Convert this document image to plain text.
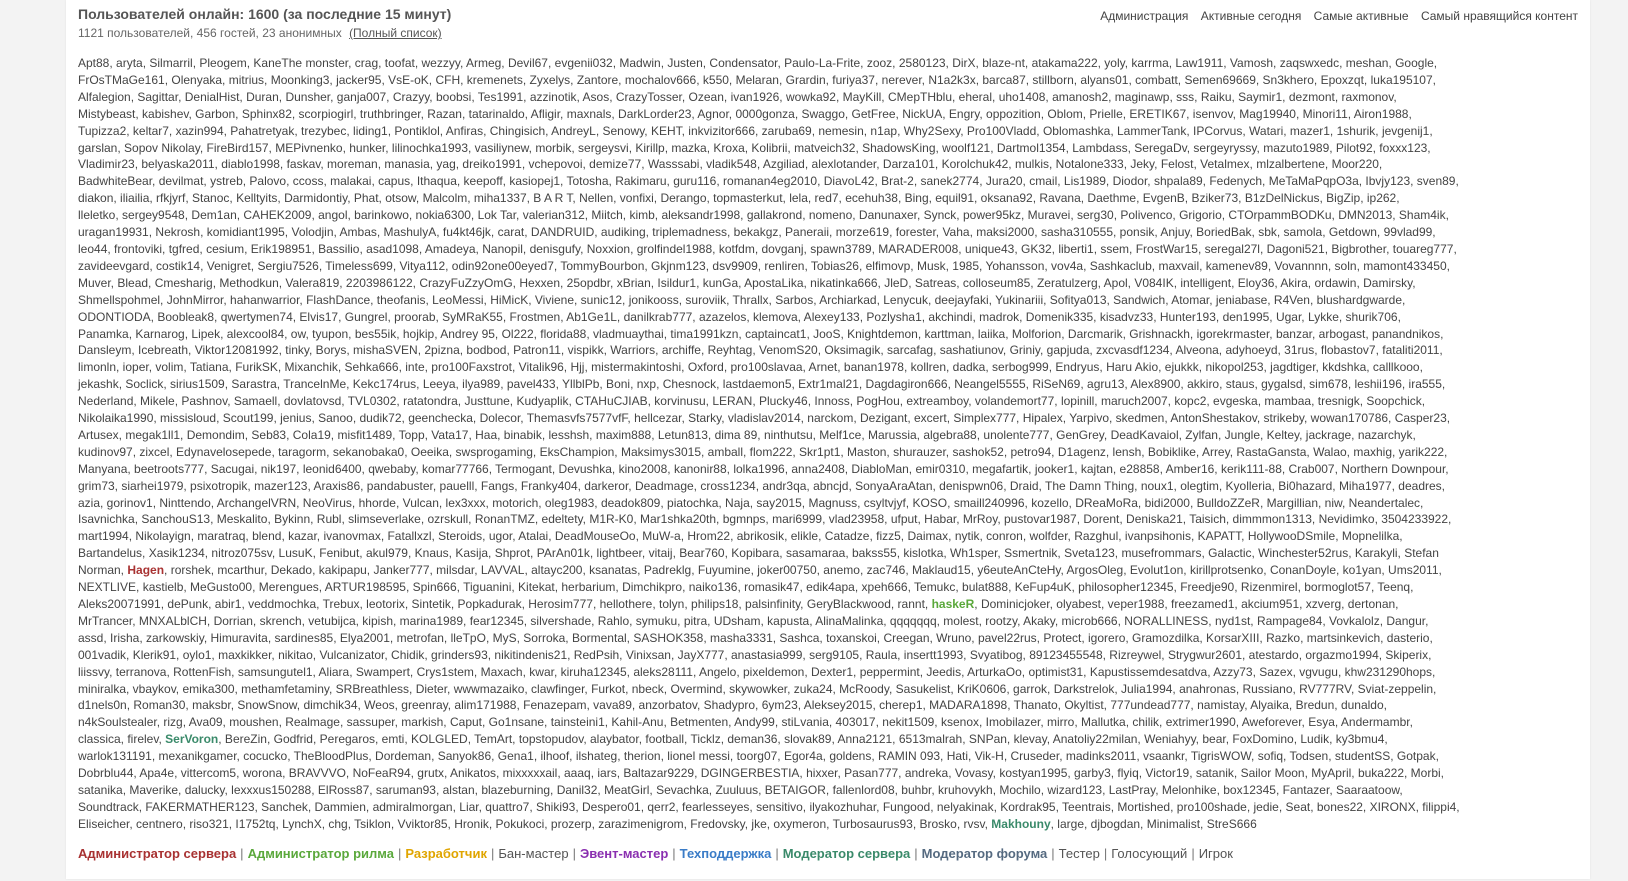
Пользователей онлайн: 1600 (за последние 15 минут)
1121 пользователей, 456 гостей, 23 анонимных (Полный список)
Администрация Активные сегодня Самые активные Самый нравящийся контент
Apt88, aryta, Silmarril, Pleogem, KaneThe monster, crag, toofat, wezzyy, Armeg, Devil67, evgenii032, Madwin, Justen, Condensator, Paulo-La-Frite, zooz, 2580123, DirX, blaze-nt, atakama222, yoly, karrma, Law1911, Vamosh, zaqswxedc, meshan, Google,
FrOsTMaGe161, Olenyaka, mitrius, Moonking3, jacker95, VsE-oK, CFH, kremenets, Zyxelys, Zantore, mochalov666, k550, Melaran, Grardin, furiya37, nerever, N1a2k3x, barca87, stillborn, alyans01, combatt, Semen69669, Sn3khero, Epoxzqt, luka195107,
Alfalegion, Sagittar, DenialHist, Duran, Dunsher, ganja007, Crazyy, boobsi, Tes1991, azzinotik, Asos, CrazyTosser, Ozean, ivan1926, wowka92, MayKill, CMepTHblu, eheral, uho1408, amanosh2, maginawp, sss, Raiku, Saymir1, dezmont, raxmonov,
Mistybeast, kabishev, Garbon, Sphinx82, scorpiogirl, truthbringer, Razan, tatarinaldo, Afligir, maxnals, DarkLorder23, Agnor, 0000gonza, Swaggo, GetFree, NickUA, Engry, oppozition, Oblom, Prielle, ERETIK67, isenvov, Mag19940, Minori11, Airon1988,
Tupizza2, keltar7, xazin994, Pahatretyak, trezybec, liding1, Pontiklol, Anfiras, Chingisich, AndreyL, Senowy, KEHT, inkvizitor666, zaruba69, nemesin, n1ap, Why2Sexy, Pro100Vladd, Oblomashka, LammerTank, IPCorvus, Watari, mazer1, 1shurik, jevgenij1,
garslan, Sopov Nikolay, FireBird157, MEPivnenko, hunker, lilinochka1993, vasiliynew, morbik, sergeysvi, Kirillp, mazka, Kroxa, Kolibrii, matveich32, ShadowsKing, woolf121, Dartmol1354, Lambdass, SeregaDv, sergeyryssy, mazuto1989, Pilot92, foxxx123,
Vladimir23, belyaska2011, diablo1998, faskav, moreman, manasia, yag, dreiko1991, vchepovoi, demize77, Wasssabi, vladik548, Azgiliad, alexlotander, Darza101, Korolchuk42, mulkis, Notalone333, Jeky, Felost, Vetalmex, mlzalbertene, Moor220,
BadwhiteBear, devilmat, ystreb, Palovo, ccoss, malakai, capus, Ithaqua, keepoff, kasiopej1, Totosha, Rakimaru, guru116, romanan4eg2010, DiavoL42, Brat-2, sanek2774, Jura20, cmail, Lis1989, Diodor, shpala89, Fedenych, MeTaMaPqpO3a, Ibvjy123, sven89,
diakon, iliailia, rfkjyrf, Stanoc, Kelltyits, Darmidontiy, Phat, otsow, Malcolm, miha1337, B A R T, Nellen, vonfixi, Derango, topmasterkut, lela, red7, ecehuh38, Bing, equil91, oksana92, Ravana, Daethme, EvgenB, Bziker73, B1zDelNickus, BigZip, ip262,
lleletko, sergey9548, Dem1an, CAHEK2009, angol, barinkowo, nokia6300, Lok Tar, valerian312, Miitch, kimb, aleksandr1998, gallakrond, nomeno, Danunaxer, Synck, power95kz, Muravei, serg30, Polivenco, Grigorio, CTOrpammBODKu, DMN2013, Sham4ik,
uragan19931, Nekrosh, komidiant1995, Volodjin, Ambas, MashulyA, fu4kt46jk, carat, DANDRUID, audiking, triplemadness, bekakgz, Paneraii, morze619, forester, Vaha, maksi2000, sasha310555, ponsik, Anjuy, BoriedBak, sbk, samola, Getdown, 99vlad99,
leo44, frontoviki, tgfred, cesium, Erik198951, Bassilio, asad1098, Amadeya, Nanopil, denisgufy, Noxxion, grolfindel1988, kotfdm, dovganj, spawn3789, MARADER008, unique43, GK32, liberti1, ssem, FrostWar15, seregal27l, Dagoni521, Bigbrother, touareg777,
zavideevgard, costik14, Venigret, Sergiu7526, Timeless699, Vitya112, odin92one00eyed7, TommyBourbon, Gkjnm123, dsv9909, renliren, Tobias26, elfimovp, Musk, 1985, Yohansson, vov4a, Sashkaclub, maxvail, kamenev89, Vovannnn, soln, mamont433450,
Muver, Blead, Cmesharig, Methodkun, Valera819, 2203986122, CrazyFuZzyOmG, Hexxen, 25opdbr, xBrian, Isildur1, kunGa, ApostaLika, nikatinka666, JleD, Satreas, colloseum85, Zeratulzerg, Apol, V084IK, intelligent, Eloy36, Akira, ordawin, Damirsky,
Shmellspohmel, JohnMirror, hahanwarrior, FlashDance, theofanis, LeoMessi, HiMicK, Viviene, sunic12, jonikooss, suroviik, Thrallx, Sarbos, Archiarkad, Lenycuk, deejayfaki, Yukinariii, Sofitya013, Sandwich, Atomar, jeniabase, R4Ven, blushardgwarde,
ODONTIODA, Boobleak8, qwertymen74, Elvis17, Gungrel, proorab, SyMRaK55, Frostmen, Ab1Ge1L, danilkrab777, azazelos, klemova, Alexey133, Pozlysha1, akchindi, madrok, Domenik335, kisadvz33, Hunter193, den1995, Ugar, Lykke, shurik706,
Panamka, Karnarog, Lipek, alexcool84, ow, tyupon, bes55ik, hojkip, Andrey 95, Ol222, florida88, vladmuaythai, tima1991kzn, captaincat1, JooS, Knightdemon, karttman, laiika, Molforion, Darcmarik, Grishnackh, igorekrmaster, banzar, arbogast, panandnikos,
Dansleym, Icebreath, Viktor12081992, tinky, Borys, mishaSVEN, 2pizna, bodbod, Patron11, vispikk, Warriors, archiffe, Reyhtag, VenomS20, Oksimagik, sarcafag, sashatiunov, Griniy, gapjuda, zxcvasdf1234, Alveona, adyhoeyd, 31rus, flobastov7, fataliti2011,
limonln, ioper, volim, Tatiana, FurikSK, Mixanchik, Sehka666, inte, pro100Faxstrot, Vitalik96, Hjj, mistermakintoshi, Oxford, pro100slavaa, Arnet, banan1978, kollren, dadka, serbog999, Endryus, Haru Akio, ejukkk, nikopol253, jagdtiger, kkdshka, calllkooo,
jekashk, Soclick, sirius1509, Sarastra, TrancelnMe, Kekc174rus, Leeya, ilya989, pavel433, YllblPb, Boni, nxp, Chesnock, lastdaemon5, Extr1mal21, Dagdagiron666, Neangel5555, RiSeN69, agru13, Alex8900, akkiro, staus, gygalsd, sim678, leshii196, ira555,
Nederland, Mikele, Pashnov, Samaell, dovlatovsd, TVL0302, ratatondra, Justtune, Kudyaplik, CTAHuCJIAB, korvinusu, LERAN, Plucky46, Innoss, PogHou, extreamboy, volandemort77, lopinill, maruch2007, kopc2, evgeska, mambaa, tresnigk, Soopchick,
Nikolaika1990, missisloud, Scout199, jenius, Sanoo, dudik72, geenchecka, Dolecor, Themasvfs7577vfF, hellcezar, Starky, vladislav2014, narckom, Dezigant, excert, Simplex777, Hipalex, Yarpivo, skedmen, AntonShestakov, strikeby, wowan170786, Casper23,
Artusex, megak1ll1, Demondim, Seb83, Cola19, misfit1489, Topp, Vata17, Haa, binabik, lesshsh, maxim888, Letun813, dima 89, ninthutsu, Melf1ce, Marussia, algebra88, unolente777, GenGrey, DeadKavaiol, Zylfan, Jungle, Keltey, jackrage, nazarchyk,
kudinov97, zixcel, Edynavelosepede, taragorm, sekanobaka0, Oeeika, swsprogaming, EksChampion, Maksimys3015, amball, flom222, Skr1pt1, Maston, shurauzer, sashok52, petro94, D1agenz, lensh, Bobiklike, Arrey, RastaGansta, Walao, maxhig, yarik222,
Manyana, beetroots777, Sacugai, nik197, leonid6400, qwebaby, komar77766, Termogant, Devushka, kino2008, kanonir88, lolka1996, anna2408, DiabloMan, emir0310, megafartik, jooker1, kajtan, e28858, Amber16, kerik111-88, Crab007, Northern Downpour,
grim73, siarhei1979, psixotropik, mazer123, Araxis86, pandabuster, pauelll, Fangs, Franky404, darkeror, Deadmage, cross1234, andr3qa, abncjd, SonyaAraAtan, denispwn06, Draid, The Damn Thing, noux1, olegtim, Kyolleria, Bi0hazard, Miha1977, deadres,
azia, gorinov1, Ninttendo, ArchangelVRN, NeoVirus, hhorde, Vulcan, lex3xxx, motorich, oleg1983, deadok809, piatochka, Naja, say2015, Magnuss, csyltvjyf, KOSO, smaill240996, kozello, DReaMoRa, bidi2000, BulldoZZeR, Margillian, niw, Neandertalec,
Isavnichka, SanchouS13, Meskalito, Bykinn, Rubl, slimseverlake, ozrskull, RonanTMZ, edeltety, M1R-K0, Mar1shka20th, bgmnps, mari6999, vlad23958, ufput, Habar, MrRoy, pustovar1987, Dorent, Deniska21, Taisich, dimmmon1313, Nevidimko, 3504233922,
mart1994, Nikolayign, maratraq, blend, kazar, ivanovmax, Fatallxzl, Steroids, ugor, Atalai, DeadMouseOo, MuW-a, Hrom22, abrikosik, elikle, Catadze, fizz5, Daimax, nytik, conron, wolfder, Razghul, ivanpsihonis, KAPATT, HollywooDSmile, Mopnelilka,
Bartandelus, Xasik1234, nitroz075sv, LusuK, Fenibut, akul979, Knaus, Kasija, Shprot, PArAn01k, lightbeer, vitaij, Bear760, Kopibara, sasamaraa, bakss55, kislotka, Wh1sper, Ssmertnik, Sveta123, musefrommars, Galactic, Winchester52rus, Karakyli, Stefan
Norman, Hagen, rorshek, mcarthur, Dekado, kakipapu, Janker777, milsdar, LAVVAL, altayc200, ksanatas, Padreklg, Fuyumine, joker00750, anemo, zac746, Maklaud15, y6euteAnCteHy, ArgosOleg, Evolut1on, kirillprotsenko, ConanDoyle, ko1yan, Ums2011,
NEXTLIVE, kastielb, MeGusto00, Merengues, ARTUR198595, Spin666, Tiguanini, Kitekat, herbarium, Dimchikpro, naiko136, romasik47, edik4apa, xpeh666, Temukc, bulat888, KeFup4uK, philosopher12345, Freedje90, Rizenmirel, bormoglot57, Teenq,
Aleks20071991, dePunk, abir1, veddmochka, Trebux, leotorix, Sintetik, Popkadurak, Herosim777, hellothere, tolyn, philips18, palsinfinity, GeryBlackwood, rannt, haskeR, Dominicjoker, olyabest, veper1988, freezamed1, akcium951, xzverg, dertonan,
MrTrancer, MNXALblCH, Dorrian, skrench, vetubijca, kipish, marina1989, fear12345, silvershade, Rahlo, symuku, pitra, UDsham, kapusta, AlinaMalinka, qqqqqqq, molest, rootzy, Akaky, microb666, NORALLINESS, nyd1st, Rampage84, Vovkalolz, Dangur,
assd, Irisha, zarkowskiy, Himuravita, sardines85, Elya2001, metrofan, lleTpO, MyS, Sorroka, Bormental, SASHOK358, masha3331, Sashca, toxanskoi, Creegan, Wruno, pavel22rus, Protect, igorero, Gramozdilka, KorsarXIII, Razko, martsinkevich, dasterio,
001vadik, Klerik91, oylo1, maxkikker, nikitao, Vulcanizator, Chidik, grinders93, nikitindenis21, RedPsih, Vinixsan, JayX777, anastasia999, serg9105, Raula, insertt1993, Svyatibog, 89123455548, Rizreywel, Strygwur2601, atestardo, orgazmo1994, Skiperix,
liissvy, terranova, RottenFish, samsungutel1, Aliara, Swampert, Crys1stem, Maxach, kwar, kiruha12345, aleks28111, Angelo, pixeldemon, Dexter1, peppermint, Jeedis, ArturkaOo, optimist31, Kapustissemdesatdva, Azzy73, Sazex, vgvugu, khw231290hops,
miniralka, vbaykov, emika300, methamfetaminy, SRBreathless, Dieter, wwwmazaiko, clawfinger, Furkot, nbeck, Overmind, skywowker, zuka24, McRoody, Sasukelist, KriK0606, garrok, Darkstrelok, Julia1994, anahronas, Russiano, RV777RV, Sviat-zeppelin,
d1nels0n, Roman30, maksbr, SnowSnow, dimchik34, Weos, greenray, alim171988, Fenazepam, vava89, anzorbatov, Shadypro, 6ym23, Aleksey2015, cherep1, MADARA1898, Thanato, Okyltist, 777undead777, namistay, Alyaika, Bredun, dunaldo,
n4kSoulstealer, rizg, Ava09, moushen, Realmage, sassuper, markish, Caput, Go1nsane, tainsteini1, Kahil-Anu, Betmenten, Andy99, stiLvania, 403017, nekit1509, ksenox, Imobilazer, mirro, Mallutka, chilik, extrimer1990, Aweforever, Esya, Andermambr,
classica, firelev, SerVoron, BereZin, Godfrid, Peregaros, emti, KOLGLED, TemArt, topstopudov, alaybator, football, Ticklz, deman36, slovak89, Anna2121, 6513malrah, SNPan, klevay, Anatoliy22milan, Weniahyy, bear, FoxDomino, Ludik, ky3bmu4,
warlok131191, mexanikgamer, cocucko, TheBloodPlus, Dordeman, Sanyok86, Gena1, ilhoof, ilshateg, therion, lionel messi, toorg07, Egor4a, goldens, RAMIN 093, Hati, Vik-H, Cruseder, madinks2011, vsaankr, TigrisWOW, sofiq, Todsen, studentSS, Gotpak,
Dobrblu44, Apa4e, vittercom5, worona, BRAVVVO, NoFeaR94, grutx, Anikatos, mixxxxxail, aaaq, iars, Baltazar9229, DGINGERBESTIA, hixxer, Pasan777, andreka, Vovasy, kostyan1995, garby3, flyiq, Victor19, satanik, Sailor Moon, MyApril, buka222, Morbi,
satanika, Maverike, dalucky, lexxxus150288, ElRoss87, saruman93, alstan, blazeburning, Danil32, MeatGirl, Sevachka, Zuuluus, BETAIGOR, fallenlord08, buhbr, kruhovykh, Mochilo, wizard123, LastPray, Melonhike, box12345, Fantazer, Saaraatoow,
Soundtrack, FAKERMATHER123, Sanchek, Dammien, admiralmorgan, Liar, quattro7, Shiki93, Despero01, qerr2, fearlesseyes, sensitivo, ilyakozhuhar, Fungood, nelyakinak, Kordrak95, Teentrais, Mortished, pro100shade, jedie, Seat, bones22, XIRONX, filippi4,
Eliseicher, centnero, riso321, I1752tq, LynchX, chg, Tsiklon, Vviktor85, Hronik, Pokukoci, prozerp, zarazimenigrom, Fredovsky, jke, oxymeron, Turbosaurus93, Brosko, rvsv, Makhouny, large, djbogdan, Minimalist, StreS666
Администратор сервера | Администратор рилма | Разработчик | Бан-мастер | Эвент-мастер | Техподдержка | Модератор сервера | Модератор форума | Тестер | Голосующий | Игрок
